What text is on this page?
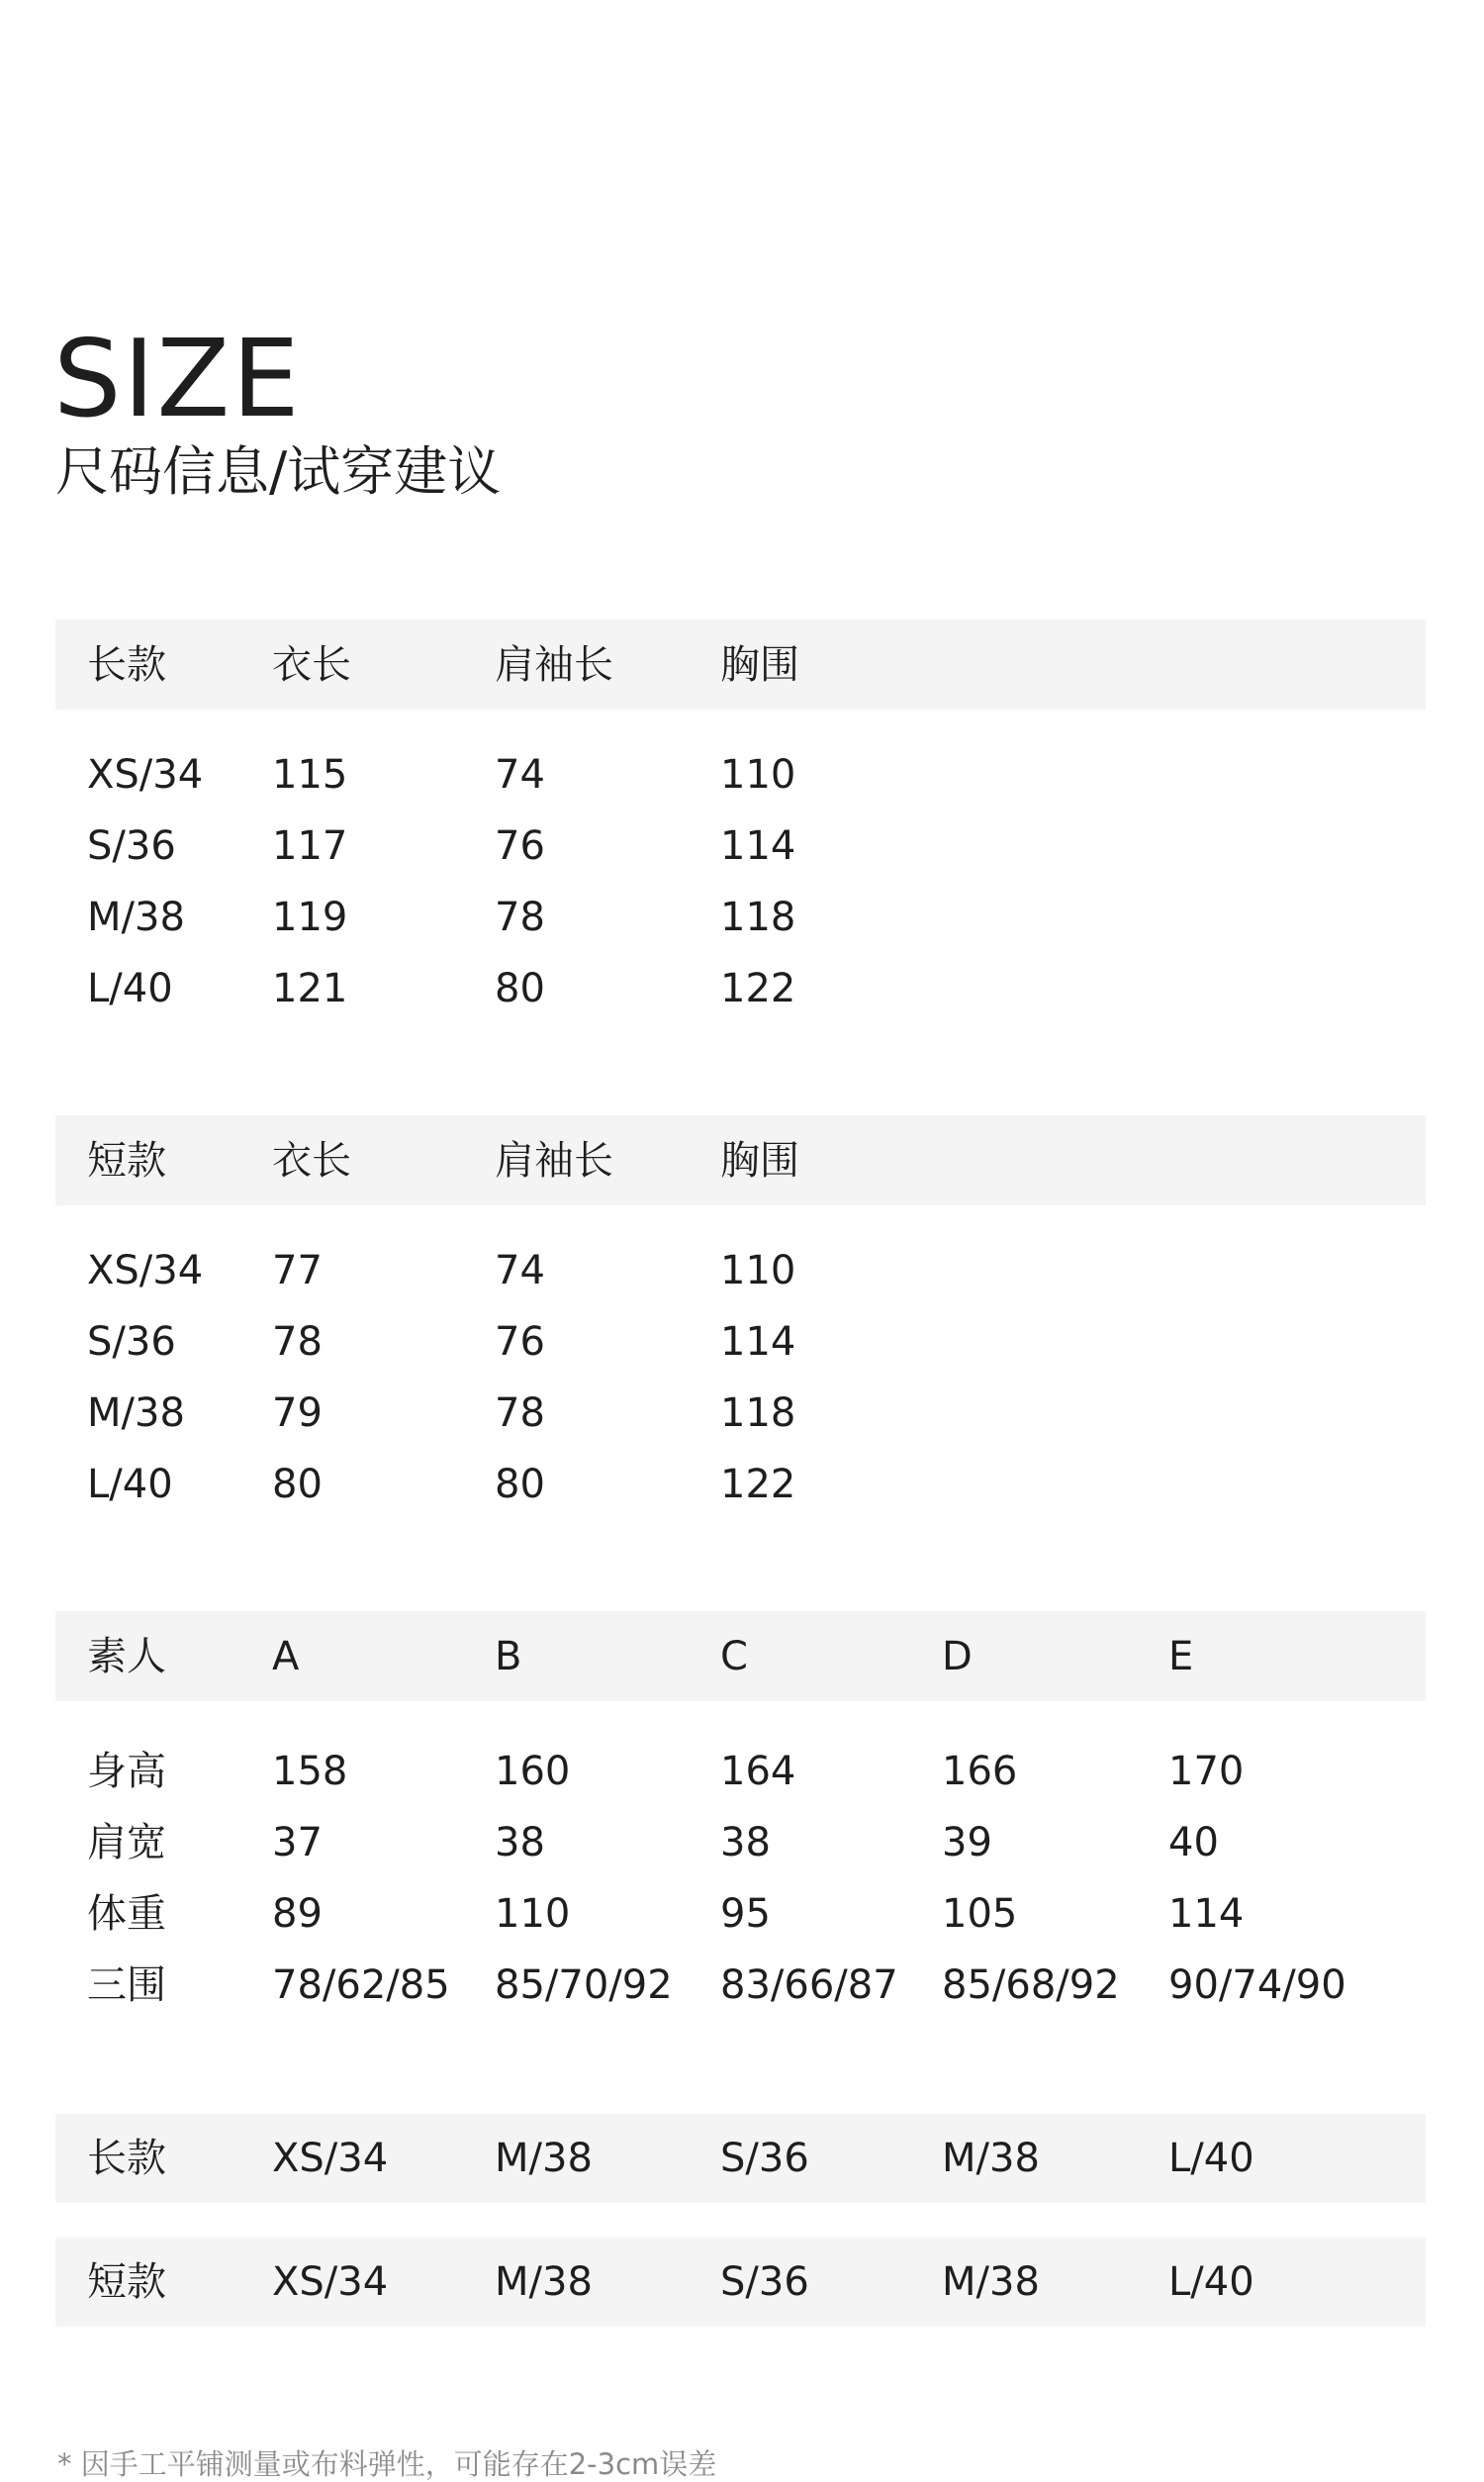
SIZE
尺码信息/试穿建议
长款	衣长	肩袖长	胸围
XS/34 115	74	110
S/36 117	76	114
M/38 119	78	118
L/40	121	80	122
短款	衣长	肩袖长	胸围
XS/34 77	74	110
S/36 78	76	114
M/38 79	78	118
L/40	80	80	122
素人	A	B	C	D	E
身高	158	160	164	166	170
肩宽	37	38	38	39	40
体重	89	110	95	105	114
三围	78/62/85 85/70/92 83/66/87 85/68/92 90/74/90
长款	XS/34	M/38	S/36	M/38	L/40
短款	XS/34	M/38	S/36	M/38	L/40
* 因手工平铺测量或布料弹性，可能存在2-3cm误差
